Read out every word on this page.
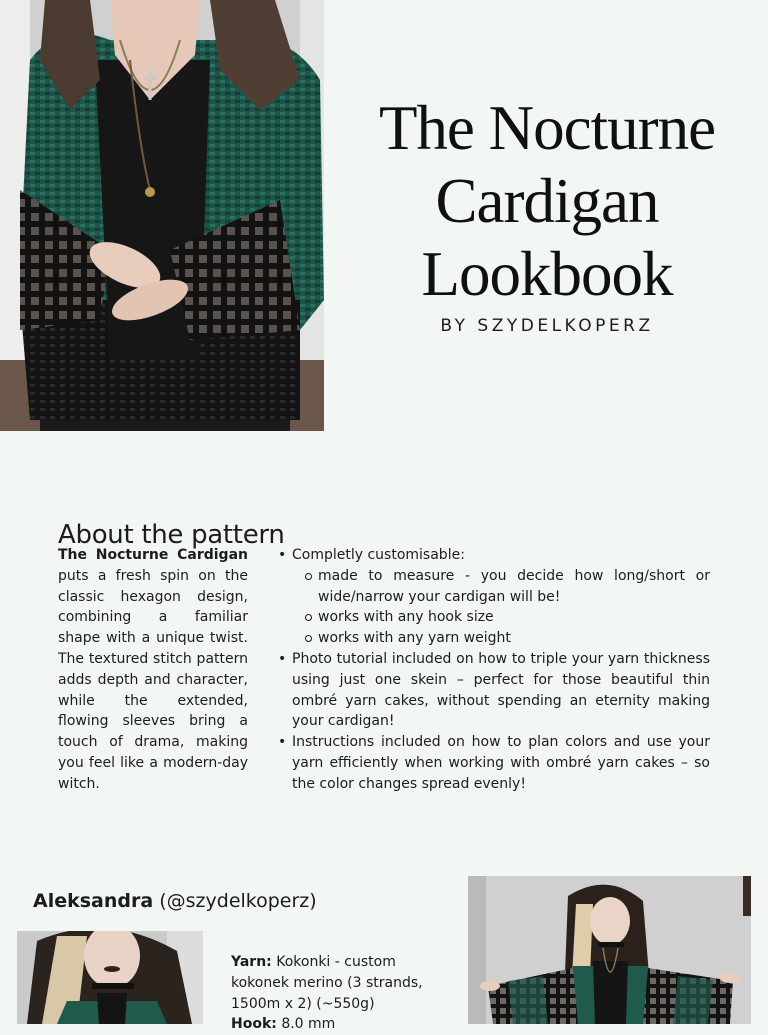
The Nocturne
Cardigan
Lookbook
BY SZYDELKOPERZ
About the pattern

The Nocturne Cardigan puts a fresh spin on the classic hexagon design, combining a familiar shape with a unique twist. The textured stitch pattern adds depth and character, while the extended, flowing sleeves bring a touch of drama, making you feel like a modern-day witch.

• Completly customisable:
made to measure - you decide how long/short or wide/narrow your cardigan will be!
works with any hook size
works with any yarn weight
• Photo tutorial included on how to triple your yarn thickness using just one skein – perfect for those beautiful thin ombré yarn cakes, without spending an eternity making your cardigan!
• Instructions included on how to plan colors and use your yarn efficiently when working with ombré yarn cakes – so the color changes spread evenly!
Aleksandra (@szydelkoperz)
Yarn: Kokonki - custom kokonek merino (3 strands, 1500m x 2) (~550g)
Hook: 8.0 mm
